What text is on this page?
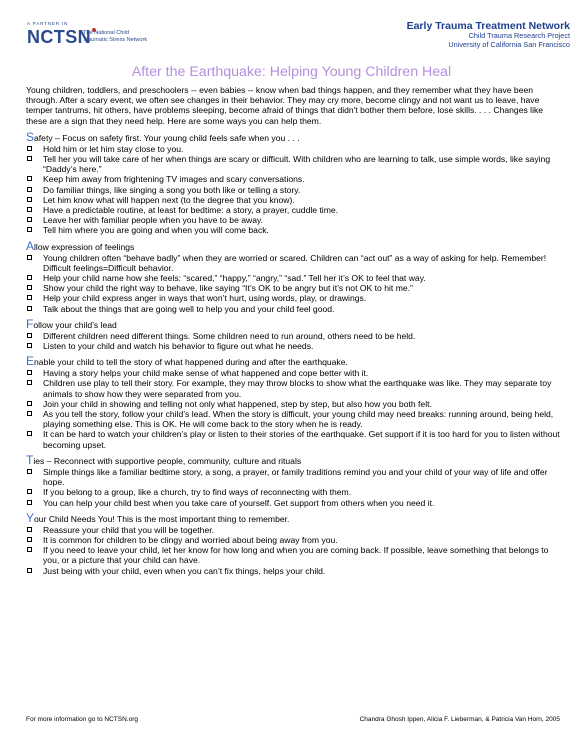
A PARTNER IN
NCTSN
The National Child
Traumatic Stress Network
Early Trauma Treatment Network
Child Trauma Research Project
University of California San Francisco
After the Earthquake: Helping Young Children Heal

Young children, toddlers, and preschoolers -- even babies -- know when bad things happen, and they remember what they have been through. After a scary event, we often see changes in their behavior. They may cry more, become clingy and not want us to leave, have temper tantrums, hit others, have problems sleeping, become afraid of things that didn't bother them before, lose skills. . . . Changes like these are a sign that they need help. Here are some ways you can help them.

Safety – Focus on safety first. Your young child feels safe when you . . .
Hold him or let him stay close to you.
Tell her you will take care of her when things are scary or difficult. With children who are learning to talk, use simple words, like saying “Daddy’s here.”
Keep him away from frightening TV images and scary conversations.
Do familiar things, like singing a song you both like or telling a story.
Let him know what will happen next (to the degree that you know).
Have a predictable routine, at least for bedtime: a story, a prayer, cuddle time.
Leave her with familiar people when you have to be away.
Tell him where you are going and when you will come back.
Allow expression of feelings
Young children often “behave badly” when they are worried or scared. Children can “act out” as a way of asking for help. Remember! Difficult feelings=Difficult behavior.
Help your child name how she feels: “scared,” “happy,” “angry,” “sad.” Tell her it’s OK to feel that way.
Show your child the right way to behave, like saying “It’s OK to be angry but it’s not OK to hit me.”
Help your child express anger in ways that won’t hurt, using words, play, or drawings.
Talk about the things that are going well to help you and your child feel good.
Follow your child’s lead
Different children need different things. Some children need to run around, others need to be held.
Listen to your child and watch his behavior to figure out what he needs.
Enable your child to tell the story of what happened during and after the earthquake.
Having a story helps your child make sense of what happened and cope better with it.
Children use play to tell their story. For example, they may throw blocks to show what the earthquake was like. They may separate toy animals to show how they were separated from you.
Join your child in showing and telling not only what happened, step by step, but also how you both felt.
As you tell the story, follow your child’s lead. When the story is difficult, your young child may need breaks: running around, being held, playing something else. This is OK. He will come back to the story when he is ready.
It can be hard to watch your children’s play or listen to their stories of the earthquake. Get support if it is too hard for you to listen without becoming upset.
Ties – Reconnect with supportive people, community, culture and rituals
Simple things like a familiar bedtime story, a song, a prayer, or family traditions remind you and your child of your way of life and offer hope.
If you belong to a group, like a church, try to find ways of reconnecting with them.
You can help your child best when you take care of yourself. Get support from others when you need it.
Your Child Needs You! This is the most important thing to remember.
Reassure your child that you will be together.
It is common for children to be clingy and worried about being away from you.
If you need to leave your child, let her know for how long and when you are coming back. If possible, leave something that belongs to you, or a picture that your child can have.
Just being with your child, even when you can’t fix things, helps your child.
For more information go to NCTSN.org	Chandra Ghosh Ippen, Alicia F. Lieberman, & Patricia Van Horn, 2005
